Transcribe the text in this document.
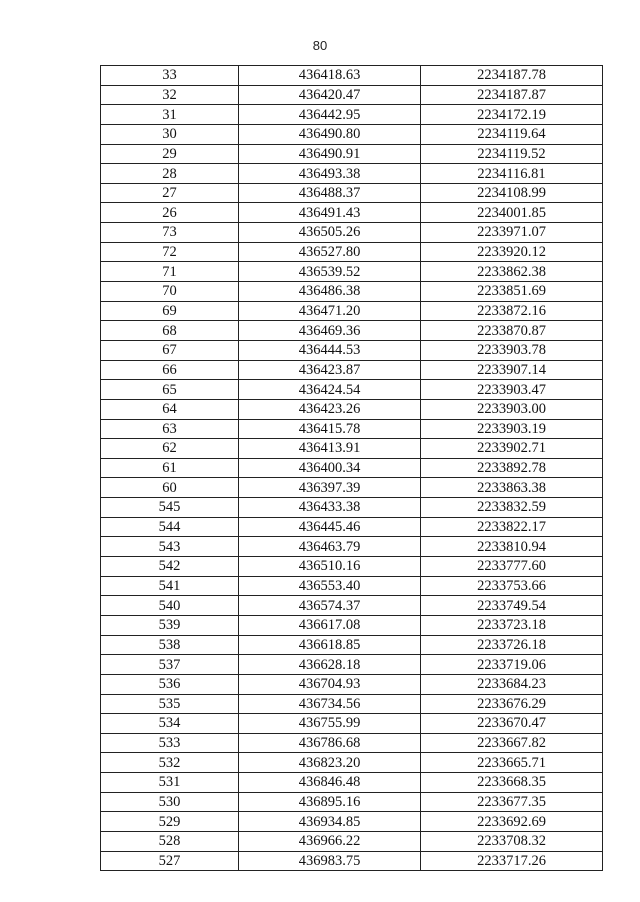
80
33	436418.63	2234187.78
32	436420.47	2234187.87
31	436442.95	2234172.19
30	436490.80	2234119.64
29	436490.91	2234119.52
28	436493.38	2234116.81
27	436488.37	2234108.99
26	436491.43	2234001.85
73	436505.26	2233971.07
72	436527.80	2233920.12
71	436539.52	2233862.38
70	436486.38	2233851.69
69	436471.20	2233872.16
68	436469.36	2233870.87
67	436444.53	2233903.78
66	436423.87	2233907.14
65	436424.54	2233903.47
64	436423.26	2233903.00
63	436415.78	2233903.19
62	436413.91	2233902.71
61	436400.34	2233892.78
60	436397.39	2233863.38
545	436433.38	2233832.59
544	436445.46	2233822.17
543	436463.79	2233810.94
542	436510.16	2233777.60
541	436553.40	2233753.66
540	436574.37	2233749.54
539	436617.08	2233723.18
538	436618.85	2233726.18
537	436628.18	2233719.06
536	436704.93	2233684.23
535	436734.56	2233676.29
534	436755.99	2233670.47
533	436786.68	2233667.82
532	436823.20	2233665.71
531	436846.48	2233668.35
530	436895.16	2233677.35
529	436934.85	2233692.69
528	436966.22	2233708.32
527	436983.75	2233717.26
